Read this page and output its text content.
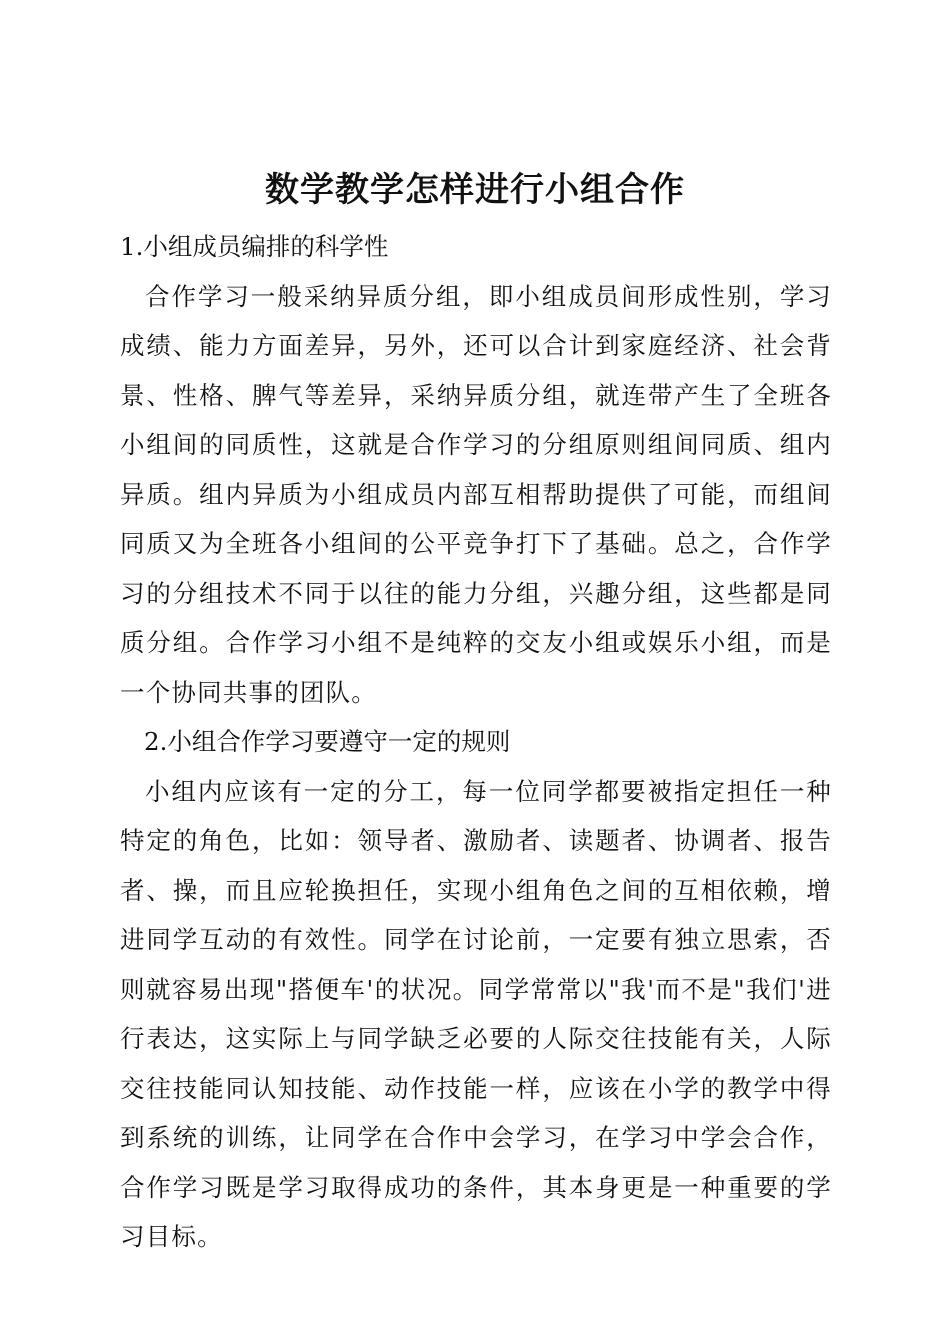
数学教学怎样进行小组合作

1.小组成员编排的科学性

合作学习一般采纳异质分组，即小组成员间形成性别，学习成绩、能力方面差异，另外，还可以合计到家庭经济、社会背景、性格、脾气等差异，采纳异质分组，就连带产生了全班各小组间的同质性，这就是合作学习的分组原则组间同质、组内异质。组内异质为小组成员内部互相帮助提供了可能，而组间同质又为全班各小组间的公平竞争打下了基础。总之，合作学习的分组技术不同于以往的能力分组，兴趣分组，这些都是同质分组。合作学习小组不是纯粹的交友小组或娱乐小组，而是一个协同共事的团队。

2.小组合作学习要遵守一定的规则

小组内应该有一定的分工，每一位同学都要被指定担任一种特定的角色，比如：领导者、激励者、读题者、协调者、报告者、操，而且应轮换担任，实现小组角色之间的互相依赖，增进同学互动的有效性。同学在讨论前，一定要有独立思索，否则就容易出现"搭便车'的状况。同学常常以"我'而不是"我们'进行表达，这实际上与同学缺乏必要的人际交往技能有关，人际交往技能同认知技能、动作技能一样，应该在小学的教学中得到系统的训练，让同学在合作中会学习，在学习中学会合作，合作学习既是学习取得成功的条件，其本身更是一种重要的学习目标。
